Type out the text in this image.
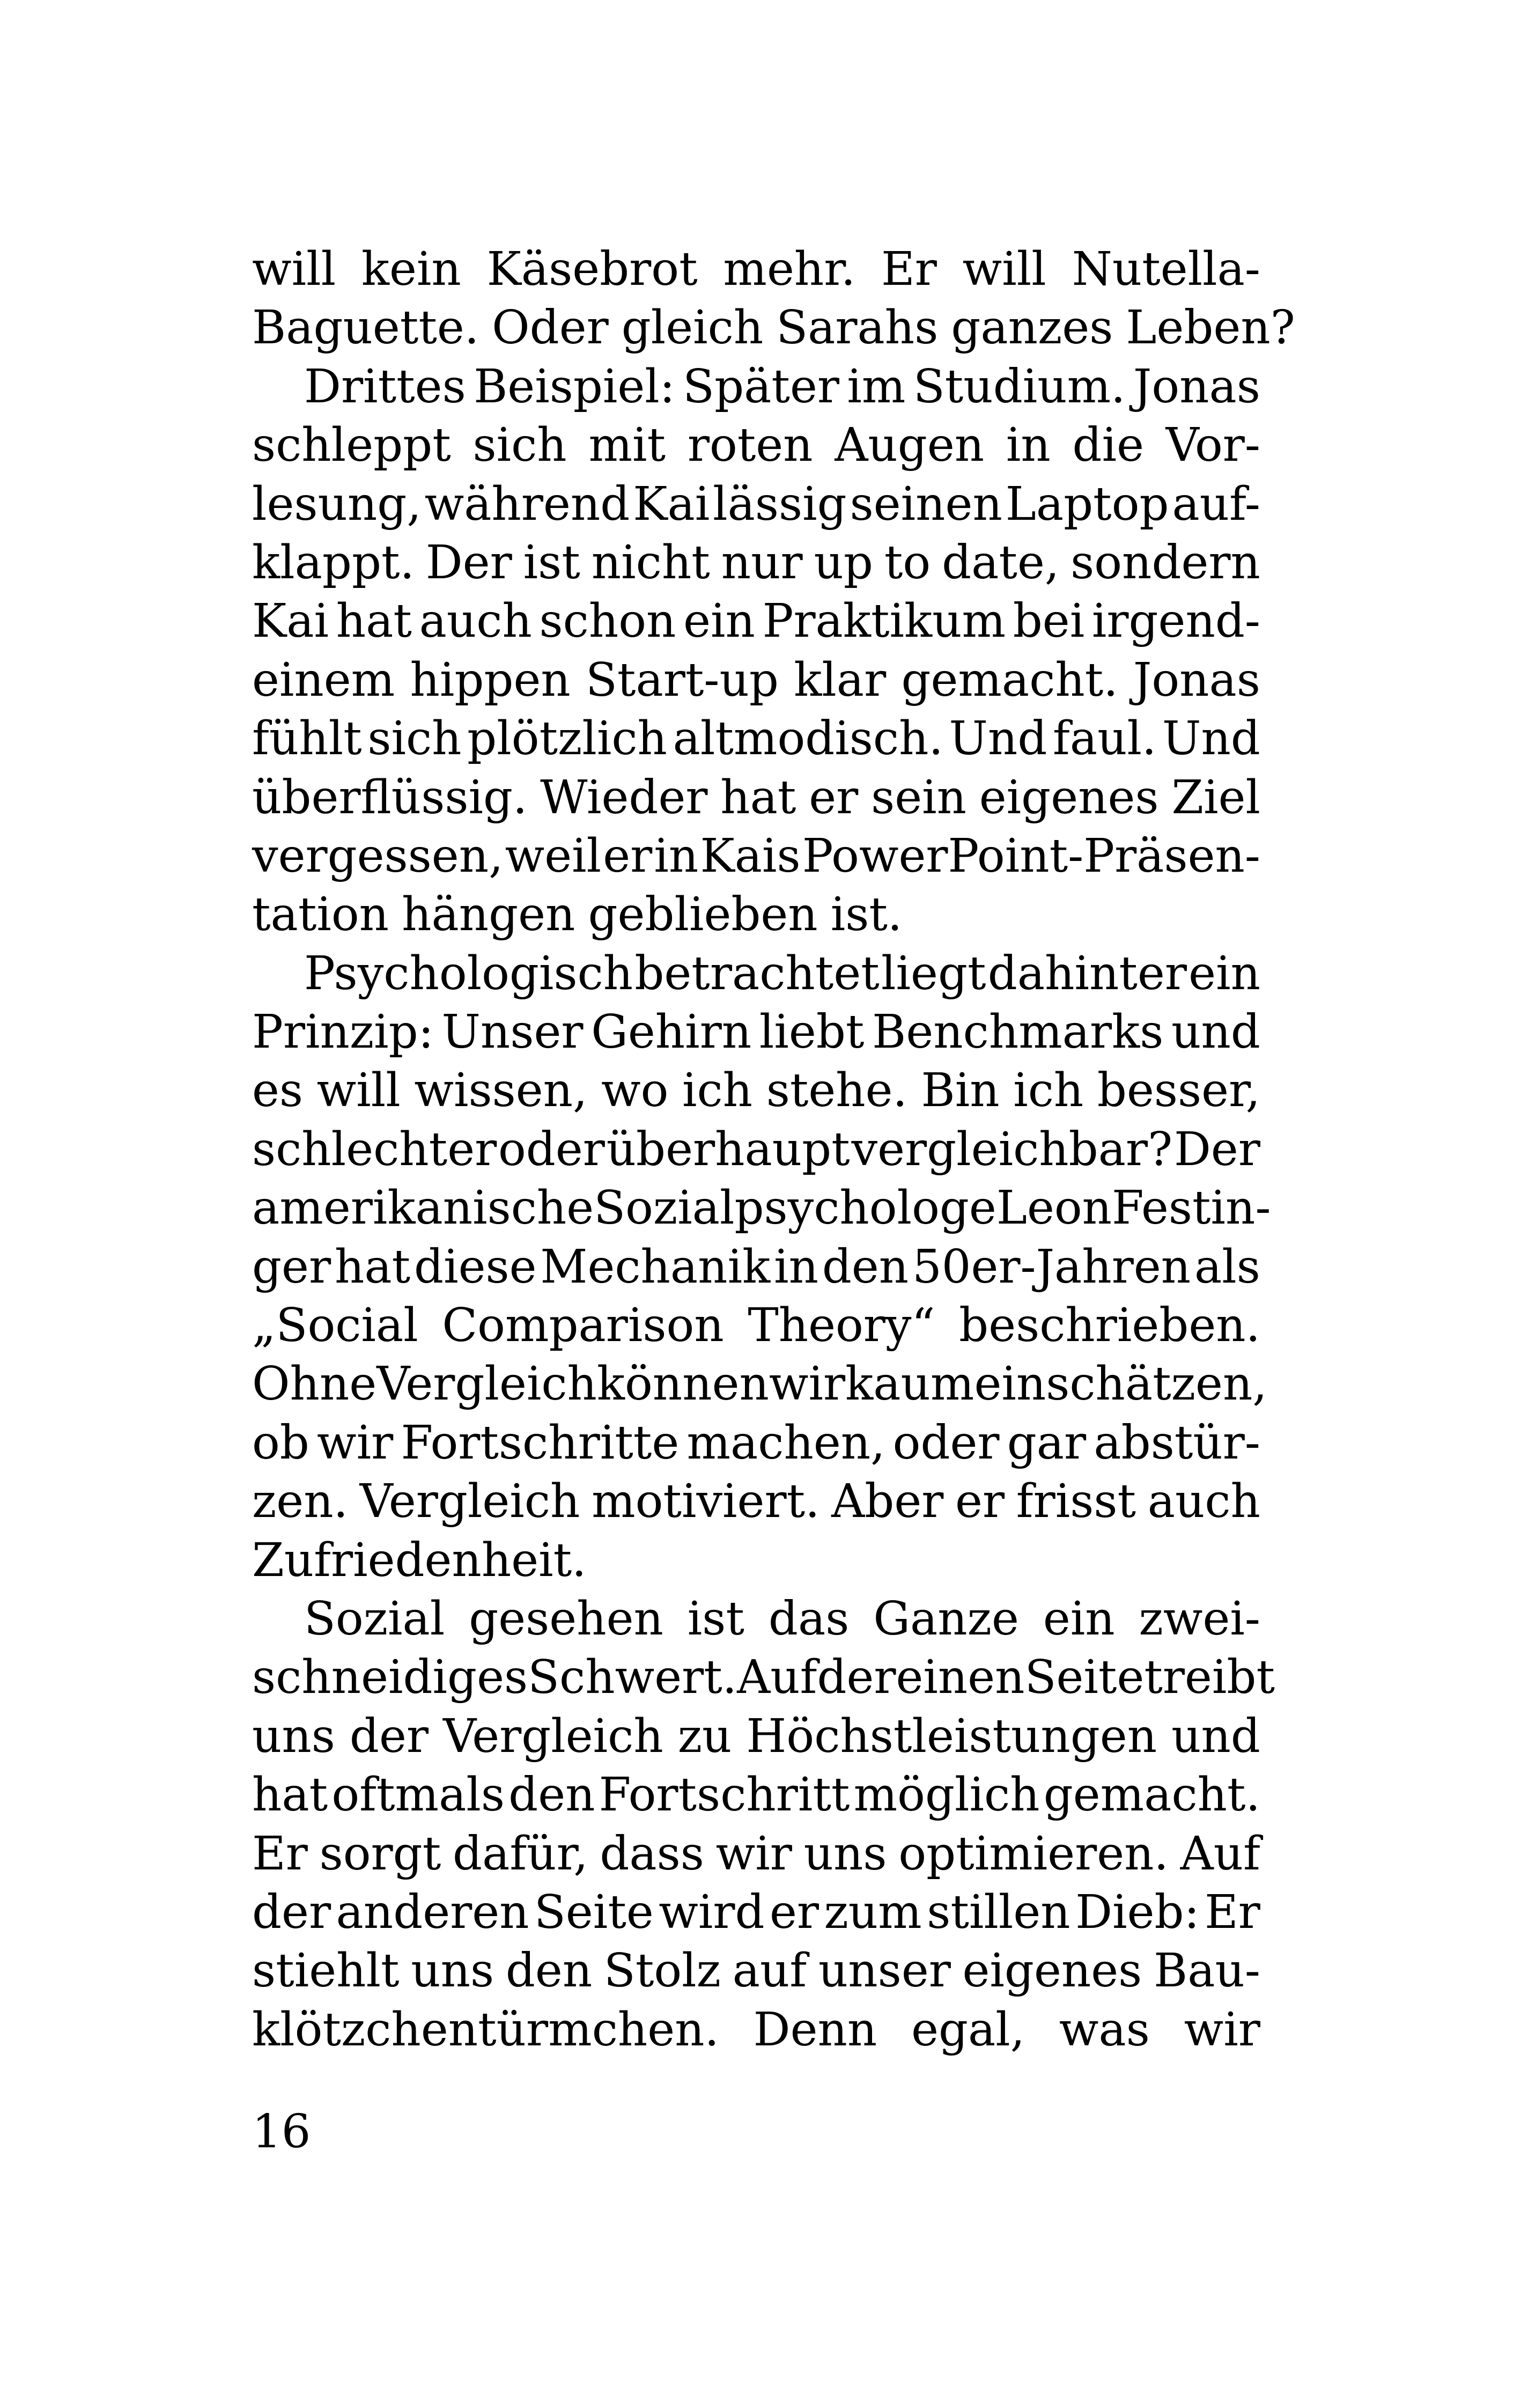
will kein Käsebrot mehr. Er will Nutella-
Baguette. Oder gleich Sarahs ganzes Leben?
Drittes Beispiel: Später im Studium. Jonas
schleppt sich mit roten Augen in die Vor-
lesung, während Kai lässig seinen Laptop auf-
klappt. Der ist nicht nur up to date, sondern
Kai hat auch schon ein Praktikum bei irgend-
einem hippen Start-up klar gemacht. Jonas
fühlt sich plötzlich altmodisch. Und faul. Und
überflüssig. Wieder hat er sein eigenes Ziel
vergessen, weil er in Kais PowerPoint-Präsen-
tation hängen geblieben ist.
Psychologisch betrachtet liegt dahinter ein
Prinzip: Unser Gehirn liebt Benchmarks und
es will wissen, wo ich stehe. Bin ich besser,
schlechter oder überhaupt vergleichbar? Der
amerikanische Sozialpsychologe Leon Festin-
ger hat diese Mechanik in den 50er-Jahren als
„Social Comparison Theory“ beschrieben.
Ohne Vergleich können wir kaum einschätzen,
ob wir Fortschritte machen, oder gar abstür-
zen. Vergleich motiviert. Aber er frisst auch
Zufriedenheit.
Sozial gesehen ist das Ganze ein zwei-
schneidiges Schwert. Auf der einen Seite treibt
uns der Vergleich zu Höchstleistungen und
hat oftmals den Fortschritt möglich gemacht.
Er sorgt dafür, dass wir uns optimieren. Auf
der anderen Seite wird er zum stillen Dieb: Er
stiehlt uns den Stolz auf unser eigenes Bau-
klötzchentürmchen. Denn egal, was wir
16
